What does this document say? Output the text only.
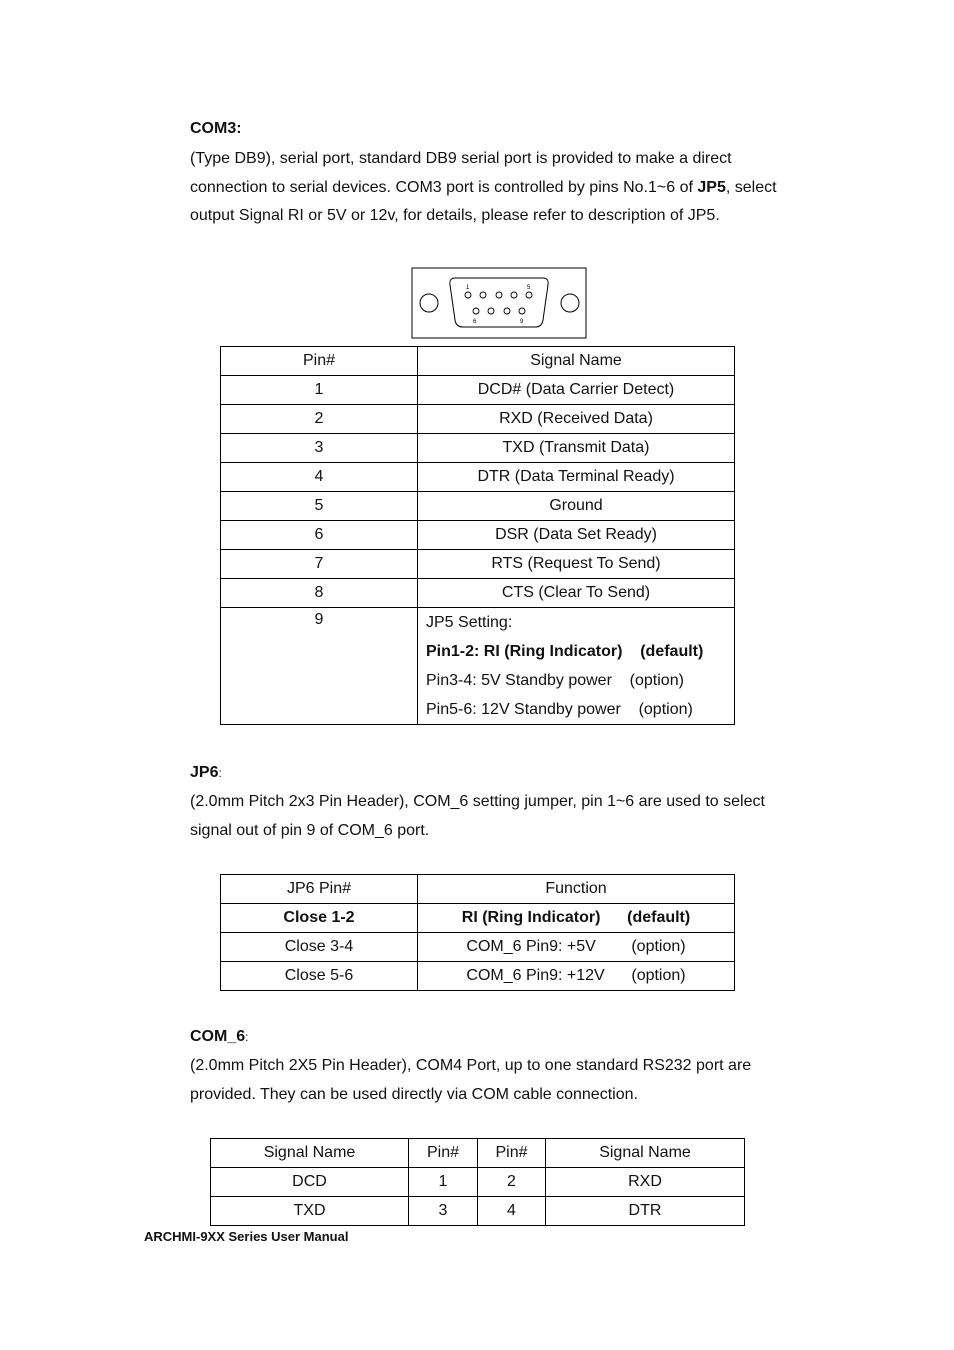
COM3:
(Type DB9), serial port, standard DB9 serial port is provided to make a direct connection to serial devices. COM3 port is controlled by pins No.1~6 of JP5, select output Signal RI or 5V or 12v, for details, please refer to description of JP5.
1	5
6	9
Pin#	Signal Name
1	DCD# (Data Carrier Detect)
2	RXD (Received Data)
3	TXD (Transmit Data)
4	DTR (Data Terminal Ready)
5	Ground
6	DSR (Data Set Ready)
7	RTS (Request To Send)
8	CTS (Clear To Send)
9	JP5 Setting:
Pin1-2: RI (Ring Indicator)    (default)
Pin3-4: 5V Standby power    (option)
Pin5-6: 12V Standby power    (option)
JP6:
(2.0mm Pitch 2x3 Pin Header), COM_6 setting jumper, pin 1~6 are used to select signal out of pin 9 of COM_6 port.
JP6 Pin#	Function
Close 1-2	RI (Ring Indicator)      (default)
Close 3-4	COM_6 Pin9: +5V        (option)
Close 5-6	COM_6 Pin9: +12V      (option)
COM_6:
(2.0mm Pitch 2X5 Pin Header), COM4 Port, up to one standard RS232 port are provided. They can be used directly via COM cable connection.
Signal Name	Pin#	Pin#	Signal Name
DCD	1	2	RXD
TXD	3	4	DTR
ARCHMI-9XX Series User Manual
